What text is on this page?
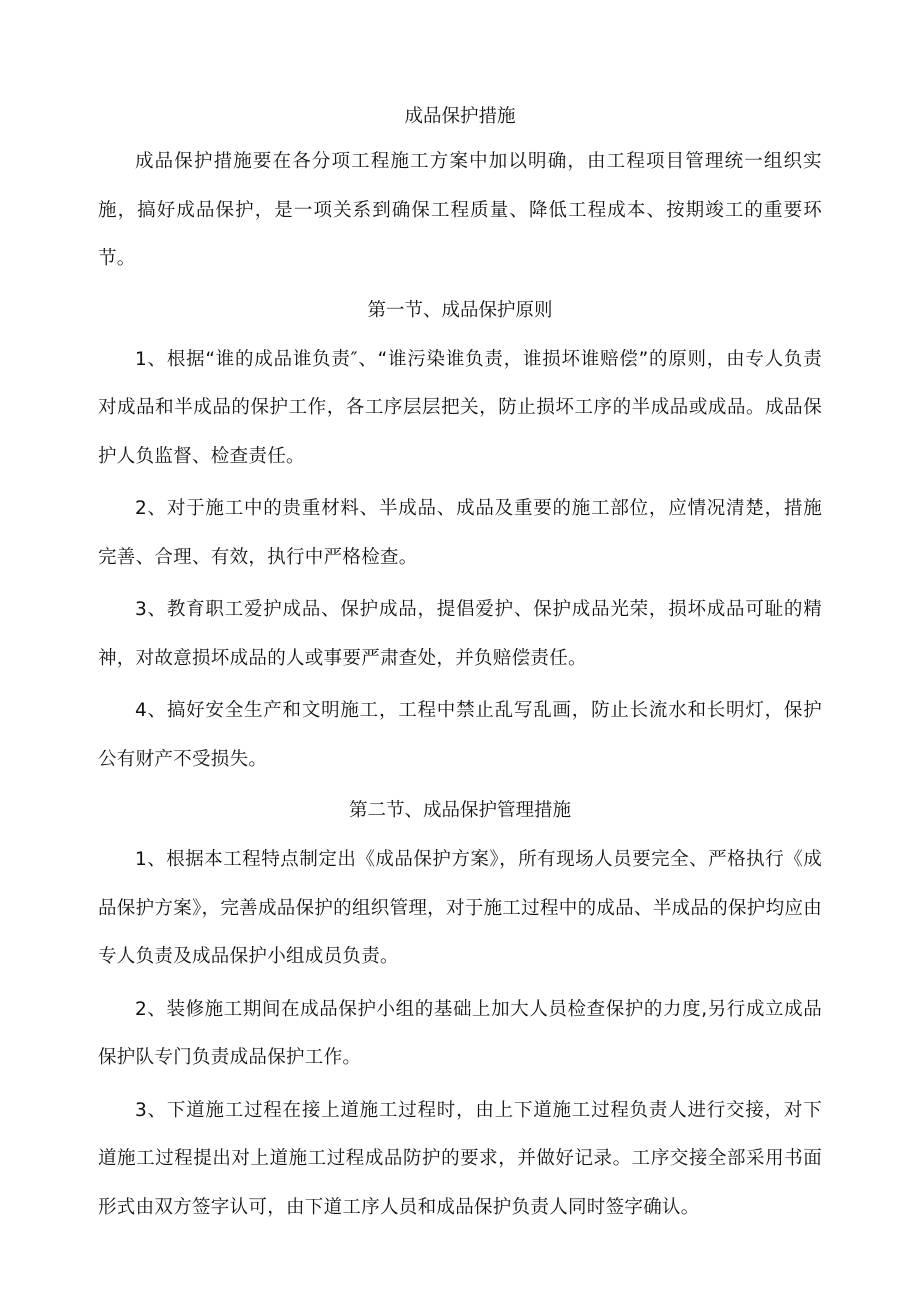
成品保护措施

成品保护措施要在各分项工程施工方案中加以明确，由工程项目管理统一组织实施，搞好成品保护，是一项关系到确保工程质量、降低工程成本、按期竣工的重要环节。

第一节、成品保护原则

1、根据“谁的成品谁负责″、“谁污染谁负责，谁损坏谁赔偿”的原则，由专人负责对成品和半成品的保护工作，各工序层层把关，防止损坏工序的半成品或成品。成品保护人负监督、检查责任。

2、对于施工中的贵重材料、半成品、成品及重要的施工部位，应情况清楚，措施完善、合理、有效，执行中严格检查。

3、教育职工爱护成品、保护成品，提倡爱护、保护成品光荣，损坏成品可耻的精神，对故意损坏成品的人或事要严肃查处，并负赔偿责任。

4、搞好安全生产和文明施工，工程中禁止乱写乱画，防止长流水和长明灯，保护公有财产不受损失。

第二节、成品保护管理措施

1、根据本工程特点制定出《成品保护方案》，所有现场人员要完全、严格执行《成品保护方案》，完善成品保护的组织管理，对于施工过程中的成品、半成品的保护均应由专人负责及成品保护小组成员负责。

2、装修施工期间在成品保护小组的基础上加大人员检查保护的力度,另行成立成品保护队专门负责成品保护工作。

3、下道施工过程在接上道施工过程时，由上下道施工过程负责人进行交接，对下道施工过程提出对上道施工过程成品防护的要求，并做好记录。工序交接全部采用书面形式由双方签字认可，由下道工序人员和成品保护负责人同时签字确认。
